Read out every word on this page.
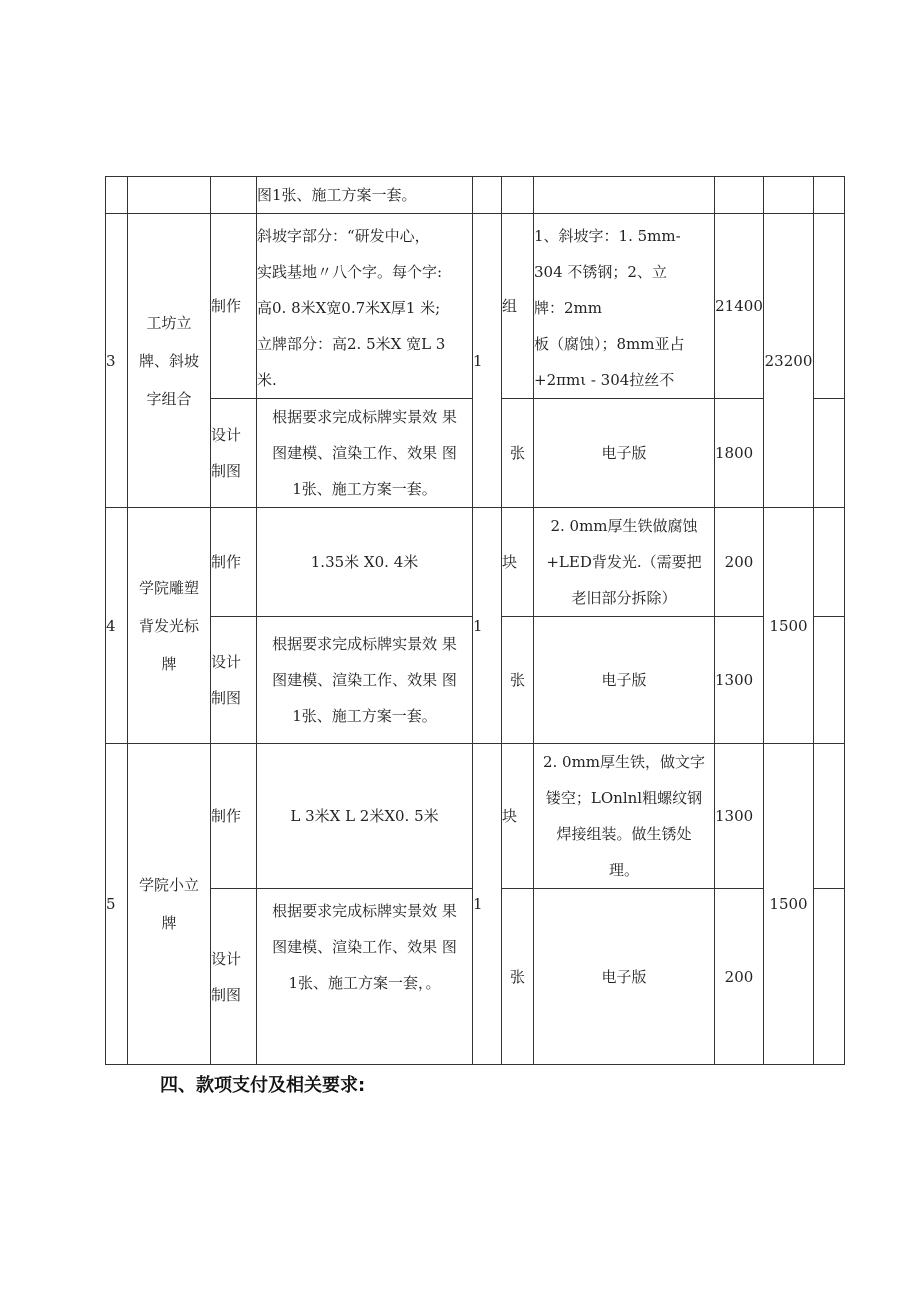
			图1张、施工方案一套。						
3	工坊立
牌、斜坡
字组合	制作	斜坡字部分：“研发中心，
实践基地〃八个字。每个字:
高0. 8米X宽0.7米X厚1 米;
立牌部分：高2. 5米X 宽L 3
米.	1	组	1、斜坡字：1. 5mm-
304 不锈钢；2、立
牌：2mm
板（腐蚀）；8mm亚占
+2πmι - 304拉丝不	21400	23200	
		设计
制图	根据要求完成标牌实景效 果
图建模、渲染工作、效果 图
1张、施工方案一套。		张	电子版	1800		
4	学院雕塑
背发光标
牌	制作	1.35米 X0. 4米	1	块	2. 0mm厚生铁做腐蚀
+LED背发光.（需要把
老旧部分拆除）	200	1500	
		设计
制图	根据要求完成标牌实景效 果
图建模、渲染工作、效果 图
1张、施工方案一套。		张	电子版	1300		
5	学院小立
牌	制作	L 3米X L 2米X0. 5米	1	块	2. 0mm厚生铁，做文字
镂空；LOnlnl粗螺纹钢
焊接组装。做生锈处
理。	1300	1500	
		设计
制图	根据要求完成标牌实景效 果
图建模、渲染工作、效果 图
1张、施工方案一套，。		张	电子版	200		
四、款项支付及相关要求:
